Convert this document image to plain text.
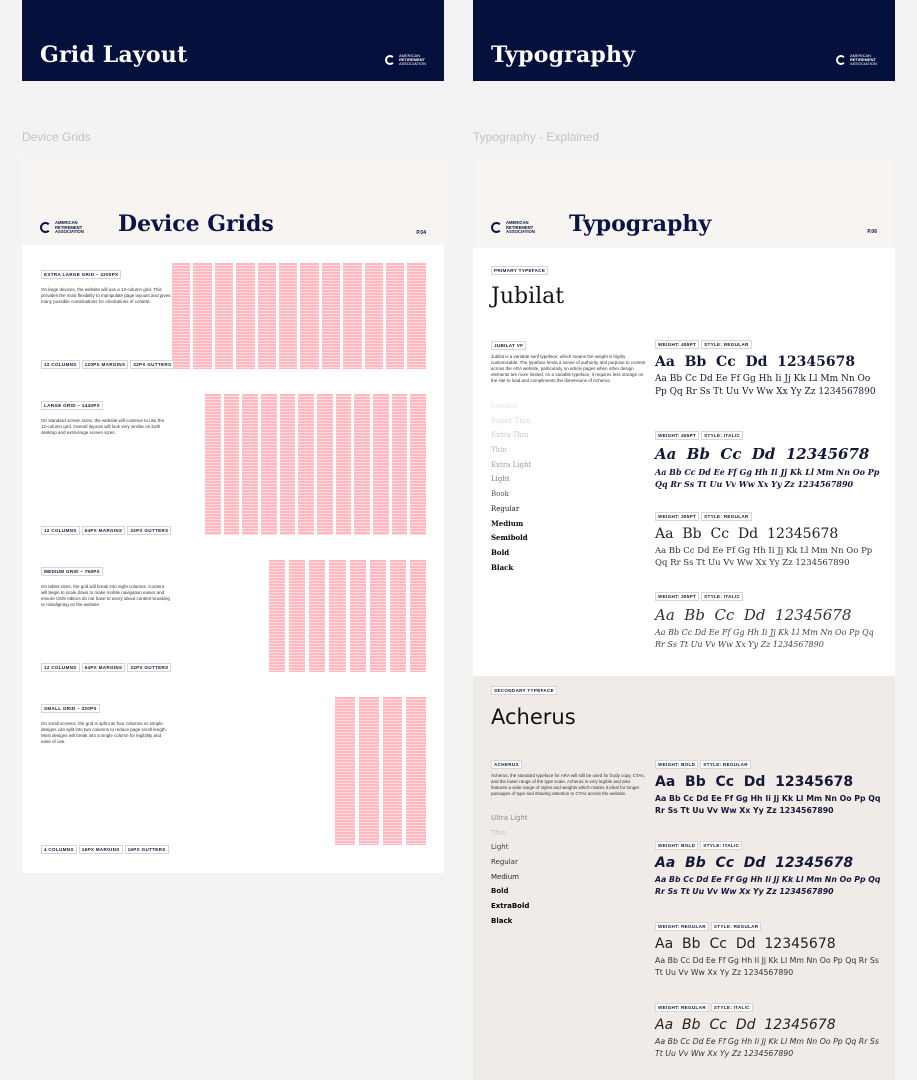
Grid Layout	AMERICAN
RETIREMENT
ASSOCIATION	Typography	AMERICAN
RETIREMENT
ASSOCIATION
Device Grids	Typography - Explained
AMERICAN
RETIREMENT
ASSOCIATION Device Grids	P.04
EXTRA LARGE GRID – 2200PX
On large devices, the website will use a 12-column grid. This provides the most flexibility to manipulate page layouts and gives many possible combinations for orientations of content.
12 COLUMNS	120PX MARGINS	32PX GUTTERS
LARGE GRID – 1440PX
On standard screen sizes, the website will continue to use the 12-column grid. Overall layouts will look very similar on both desktop and extra-large screen sizes.
12 COLUMNS	64PX MARGINS	32PX GUTTERS
MEDIUM GRID – 768PX
On tablet sizes, the grid will break into eight columns. Content will begin to scale down to make mobile navigation easier and ensure CMS editors do not have to worry about content breaking or misaligning on the website.
12 COLUMNS	64PX MARGINS	32PX GUTTERS
SMALL GRID – 320PX
On small screens, the grid is split into four columns so simple designs can split into two columns to reduce page scroll length. Most designs will break into a single column for legibility and ease of use.
4 COLUMNS	16PX MARGINS	16PX GUTTERS
AMERICAN
RETIREMENT
ASSOCIATION Typography	P.06
PRIMARY TYPEFACE
Jubilat
JUBILAT VF
Jubilat is a variable serif typeface, which means the weight is highly customizable. The typeface lends a sense of authority and purpose to content across the ARA website, particularly on article pages when other design elements are more limited. As a variable typeface, it requires less storage on the site to load and compliments the dimensions of Acherus.
Leaden
Super Thin
Extra Thin
Thin
Extra Light
Light
Book
Regular
Medium
Semibold
Bold
Black
WEIGHT: 455PT	STYLE: REGULAR
Aa  Bb  Cc  Dd  12345678
Aa Bb Cc Dd Ee Ff Gg Hh Ii Jj Kk Ll Mm Nn Oo Pp Qq Rr Ss Tt Uu Vv Ww Xx Yy Zz 1234567890
WEIGHT: 455PT	STYLE: ITALIC
Aa  Bb  Cc  Dd  12345678
Aa Bb Cc Dd Ee Ff Gg Hh Ii Jj Kk Ll Mm Nn Oo Pp Qq Rr Ss Tt Uu Vv Ww Xx Yy Zz 1234567890
WEIGHT: 355PT	STYLE: REGULAR
Aa  Bb  Cc  Dd  12345678
Aa Bb Cc Dd Ee Ff Gg Hh Ii Jj Kk Ll Mm Nn Oo Pp Qq Rr Ss Tt Uu Vv Ww Xx Yy Zz 1234567890
WEIGHT: 355PT	STYLE: ITALIC
Aa  Bb  Cc  Dd  12345678
Aa Bb Cc Dd Ee Ff Gg Hh Ii Jj Kk Ll Mm Nn Oo Pp Qq Rr Ss Tt Uu Vv Ww Xx Yy Zz 1234567890
SECONDARY TYPEFACE
Acherus
ACHERUS
Acherus, the standard typeface for ARA will still be used for body copy, CTAs, and the lower range of the type scale. Acherus is very legible and also features a wide range of styles and weights which makes it ideal for longer passages of type and drawing attention to CTAs across the website.
Ultra Light
Thin
Light
Regular
Medium
Bold
ExtraBold
Black
WEIGHT: BOLD	STYLE: REGULAR
Aa  Bb  Cc  Dd  12345678
Aa Bb Cc Dd Ee Ff Gg Hh Ii Jj Kk Ll Mm Nn Oo Pp Qq Rr Ss Tt Uu Vv Ww Xx Yy Zz 1234567890
WEIGHT: BOLD	STYLE: ITALIC
Aa  Bb  Cc  Dd  12345678
Aa Bb Cc Dd Ee Ff Gg Hh Ii Jj Kk Ll Mm Nn Oo Pp Qq Rr Ss Tt Uu Vv Ww Xx Yy Zz 1234567890
WEIGHT: REGULAR	STYLE: REGULAR
Aa  Bb  Cc  Dd  12345678
Aa Bb Cc Dd Ee Ff Gg Hh Ii Jj Kk Ll Mm Nn Oo Pp Qq Rr Ss Tt Uu Vv Ww Xx Yy Zz 1234567890
WEIGHT: REGULAR	STYLE: ITALIC
Aa  Bb  Cc  Dd  12345678
Aa Bb Cc Dd Ee Ff Gg Hh Ii Jj Kk Ll Mm Nn Oo Pp Qq Rr Ss Tt Uu Vv Ww Xx Yy Zz 1234567890
